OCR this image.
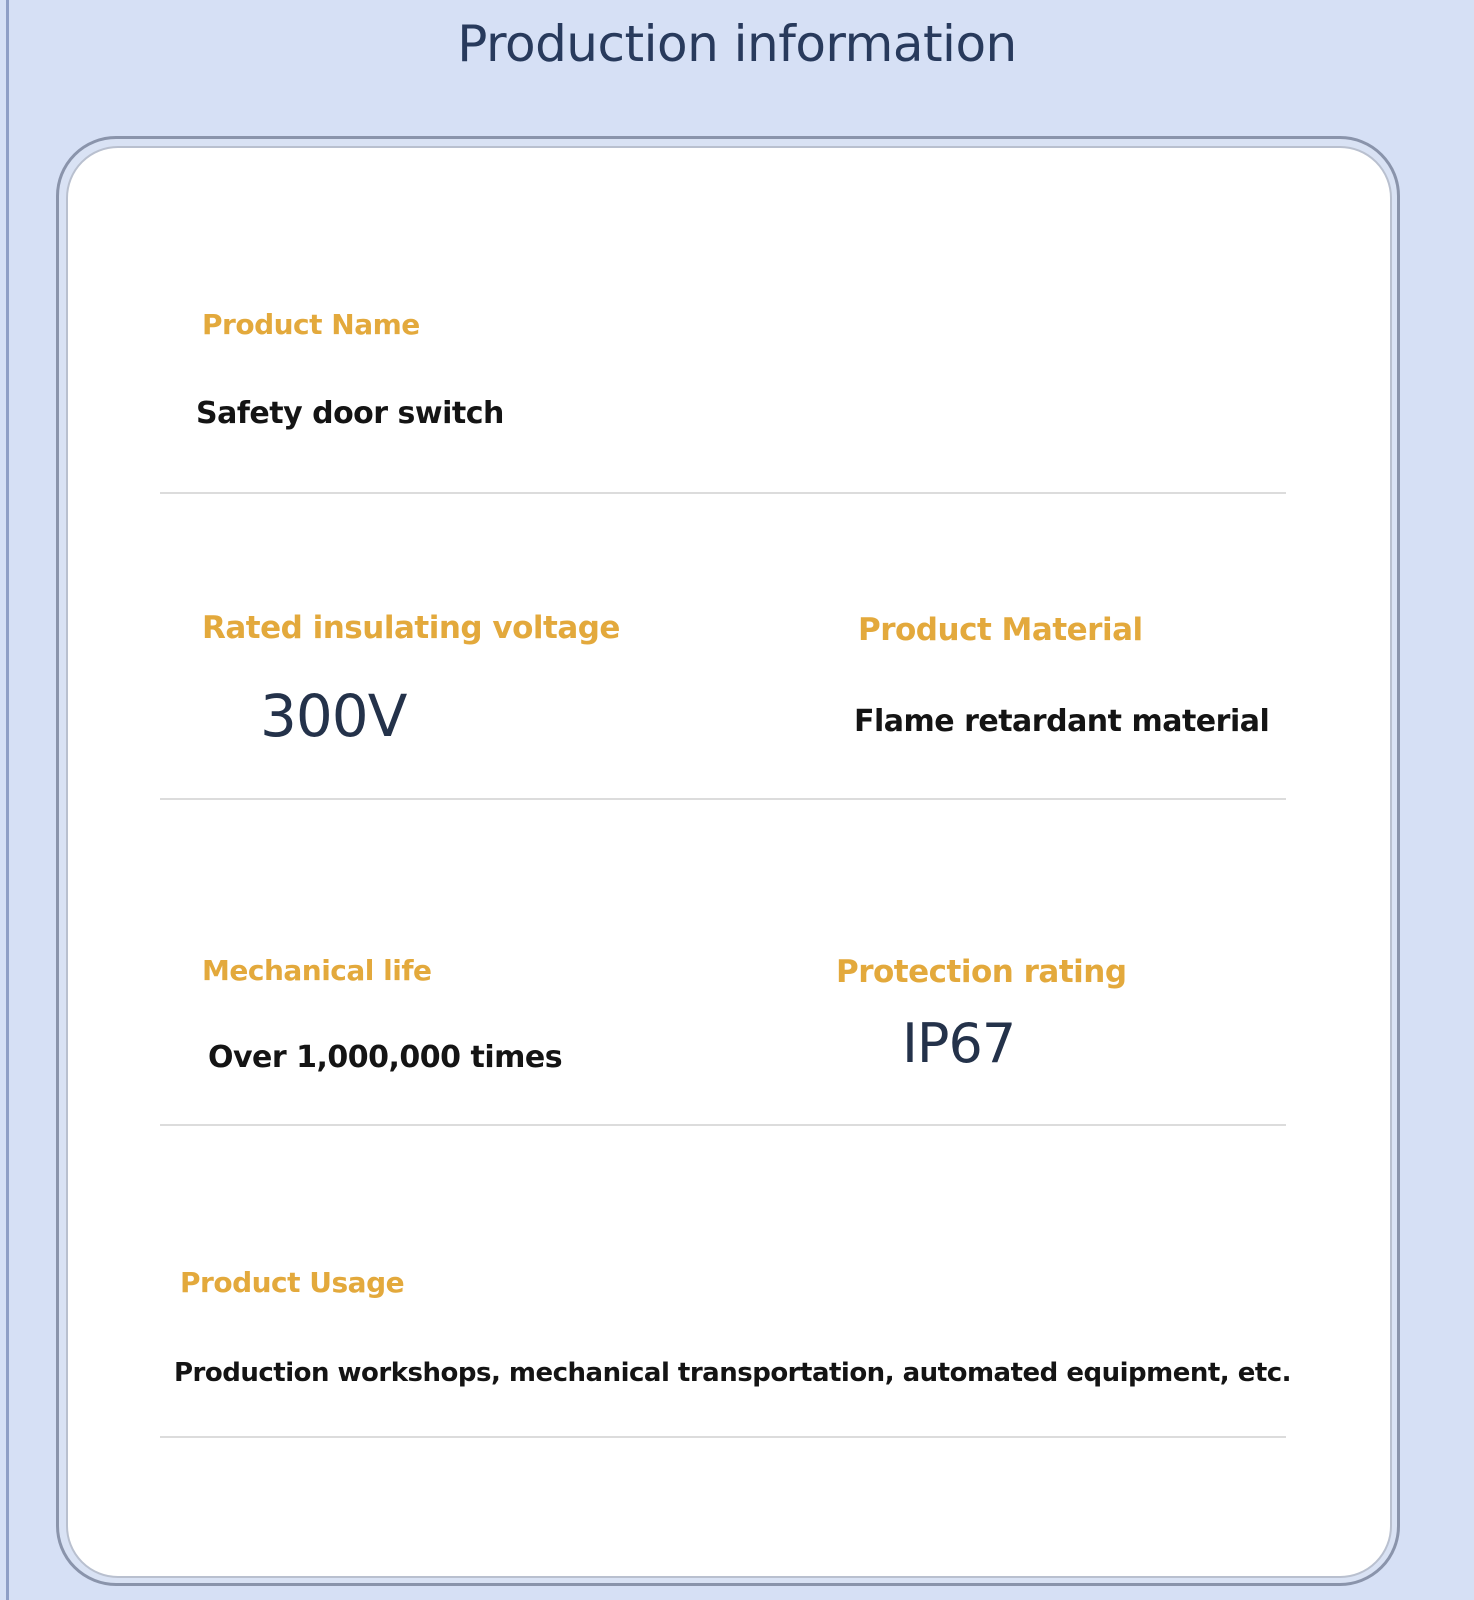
Production information
Product Name
Safety door switch
Rated insulating voltage
300V
Product Material
Flame retardant material
Mechanical life
Over 1,000,000 times
Protection rating
IP67
Product Usage
Production workshops, mechanical transportation, automated equipment, etc.
